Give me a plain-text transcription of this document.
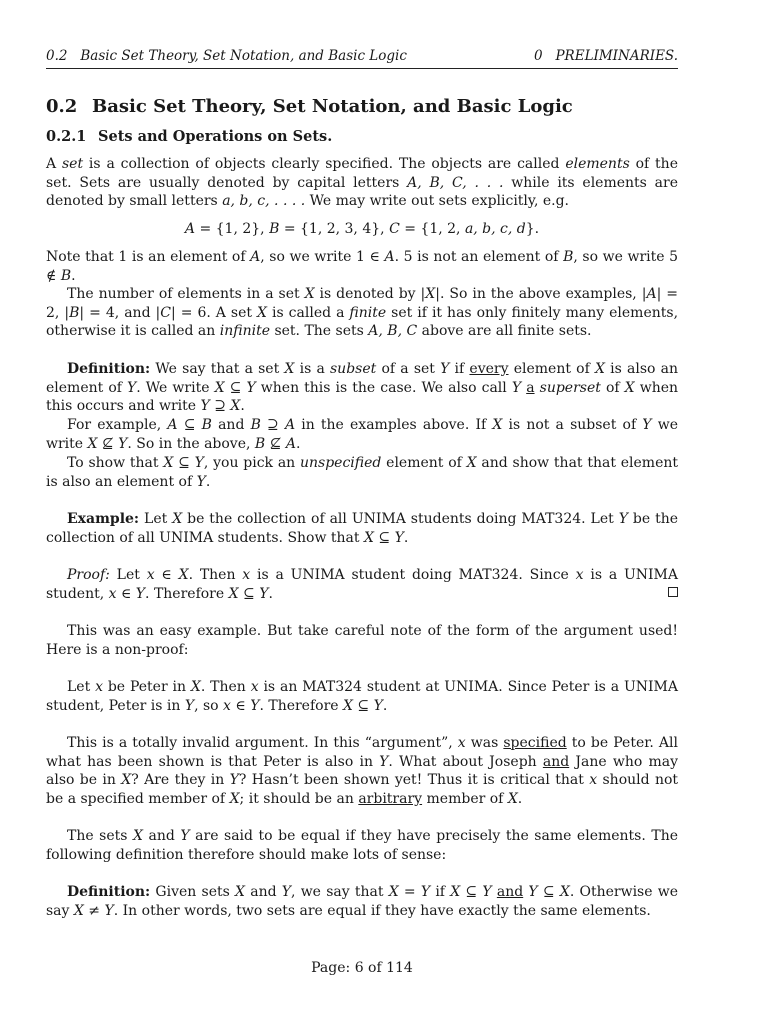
0.2   Basic Set Theory, Set Notation, and Basic Logic	0   PRELIMINARIES.
0.2 Basic Set Theory, Set Notation, and Basic Logic
0.2.1 Sets and Operations on Sets.

A set is a collection of objects clearly specified. The objects are called elements of the set. Sets are usually denoted by capital letters A, B, C, . . . while its elements are denoted by small letters a, b, c, . . . . We may write out sets explicitly, e.g.

A = {1, 2}, B = {1, 2, 3, 4}, C = {1, 2, a, b, c, d}.

Note that 1 is an element of A, so we write 1 ∈ A. 5 is not an element of B, so we write 5 ∉ B.

The number of elements in a set X is denoted by |X|. So in the above examples, |A| = 2, |B| = 4, and |C| = 6. A set X is called a finite set if it has only finitely many elements, otherwise it is called an infinite set. The sets A, B, C above are all finite sets.

Definition: We say that a set X is a subset of a set Y if every element of X is also an element of Y. We write X ⊆ Y when this is the case. We also call Y a superset of X when this occurs and write Y ⊇ X.

For example, A ⊆ B and B ⊇ A in the examples above. If X is not a subset of Y we write X ⊈ Y. So in the above, B ⊈ A.

To show that X ⊆ Y, you pick an unspecified element of X and show that that element is also an element of Y.

Example: Let X be the collection of all UNIMA students doing MAT324. Let Y be the collection of all UNIMA students. Show that X ⊆ Y.

Proof: Let x ∈ X. Then x is a UNIMA student doing MAT324. Since x is a UNIMA student, x ∈ Y. Therefore X ⊆ Y.

This was an easy example. But take careful note of the form of the argument used! Here is a non-proof:

Let x be Peter in X. Then x is an MAT324 student at UNIMA. Since Peter is a UNIMA student, Peter is in Y, so x ∈ Y. Therefore X ⊆ Y.

This is a totally invalid argument. In this “argument”, x was specified to be Peter. All what has been shown is that Peter is also in Y. What about Joseph and Jane who may also be in X? Are they in Y? Hasn’t been shown yet! Thus it is critical that x should not be a specified member of X; it should be an arbitrary member of X.

The sets X and Y are said to be equal if they have precisely the same elements. The following definition therefore should make lots of sense:

Definition: Given sets X and Y, we say that X = Y if X ⊆ Y and Y ⊆ X. Otherwise we say X ≠ Y. In other words, two sets are equal if they have exactly the same elements.

Page: 6 of 114
